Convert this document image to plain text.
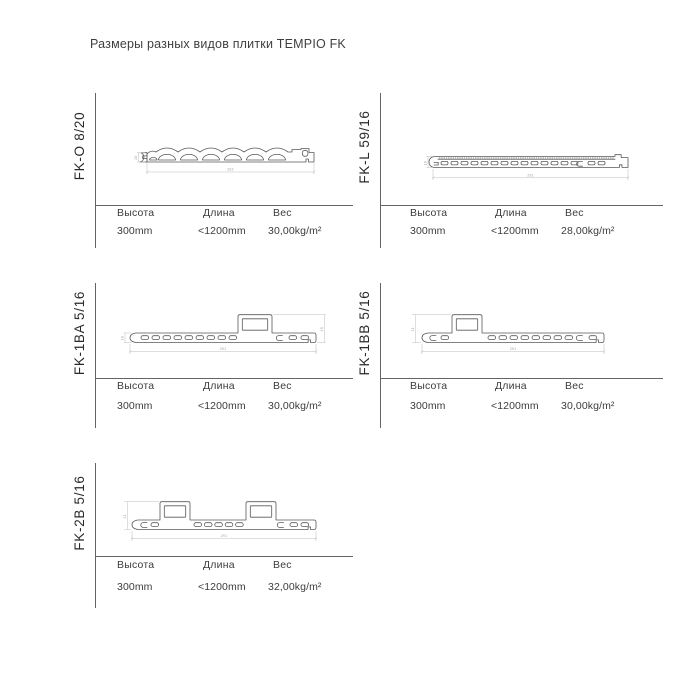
Размеры разных видов плитки TEMPIO FK
FK-O 8/20	20
292
Высота	Длина	Вес
300mm	<1200mm 30,00kg/m²
FK-L 59/16	16
291
Высота	Длина	Вес
300mm	<1200mm 28,00kg/m²
FK-1BA 5/16	16
45
291
Высота	Длина	Вес
300mm	<1200mm 30,00kg/m²
FK-1BB 5/16	41
291
Высота	Длина	Вес
300mm	<1200mm 30,00kg/m²
FK-2B 5/16	41
291
Высота	Длина	Вес
300mm	<1200mm 32,00kg/m²
